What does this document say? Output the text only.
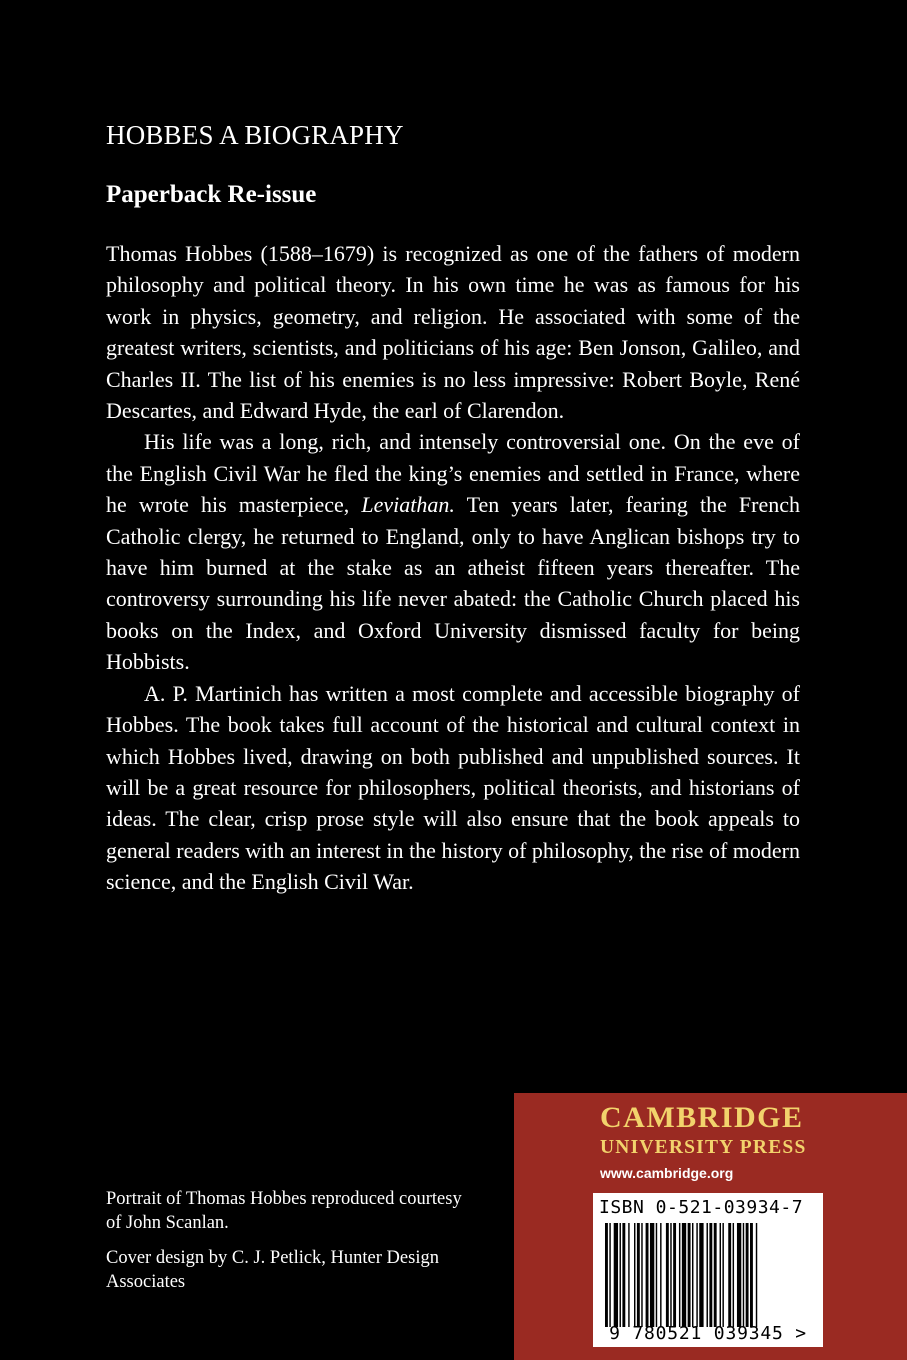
HOBBES A BIOGRAPHY
Paperback Re-issue

Thomas Hobbes (1588–1679) is recognized as one of the fathers of modern philosophy and political theory. In his own time he was as famous for his work in physics, geometry, and religion. He associated with some of the greatest writers, scientists, and politicians of his age: Ben Jonson, Galileo, and Charles II. The list of his enemies is no less impressive: Robert Boyle, René Descartes, and Edward Hyde, the earl of Clarendon.

His life was a long, rich, and intensely controversial one. On the eve of the English Civil War he fled the king’s enemies and settled in France, where he wrote his masterpiece, Leviathan. Ten years later, fearing the French Catholic clergy, he returned to England, only to have Anglican bishops try to have him burned at the stake as an atheist fifteen years thereafter. The controversy surrounding his life never abated: the Catholic Church placed his books on the Index, and Oxford University dismissed faculty for being Hobbists.

A. P. Martinich has written a most complete and accessible biography of Hobbes. The book takes full account of the historical and cultural context in which Hobbes lived, drawing on both published and unpublished sources. It will be a great resource for philosophers, political theorists, and historians of ideas. The clear, crisp prose style will also ensure that the book appeals to general readers with an interest in the history of philosophy, the rise of modern science, and the English Civil War.

Portrait of Thomas Hobbes reproduced courtesy of John Scanlan.

Cover design by C. J. Petlick, Hunter Design Associates

CAMBRIDGE
UNIVERSITY PRESS
www.cambridge.org
ISBN 0-521-03934-7
9 780521 039345 >
